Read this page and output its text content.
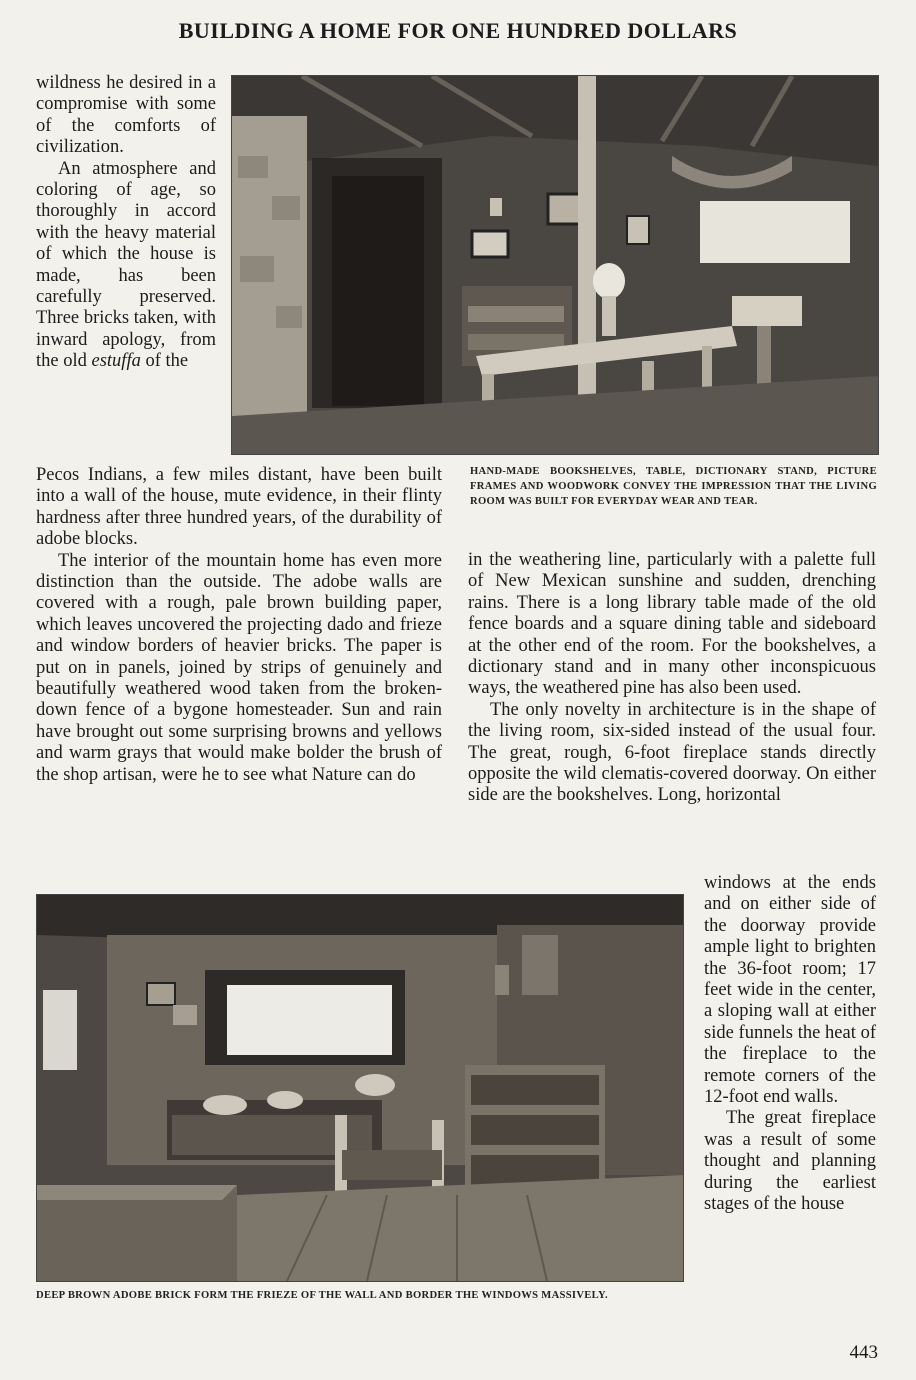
BUILDING A HOME FOR ONE HUNDRED DOLLARS

wildness he desired in a compromise with some of the comforts of civilization.

An atmosphere and coloring of age, so thoroughly in accord with the heavy material of which the house is made, has been carefully preserved. Three bricks taken, with inward apology, from the old estuffa of the

Pecos Indians, a few miles distant, have been built into a wall of the house, mute evidence, in their flinty hardness after three hundred years, of the durability of adobe blocks.

The interior of the mountain home has even more distinction than the outside. The adobe walls are covered with a rough, pale brown building paper, which leaves uncovered the projecting dado and frieze and window borders of heavier bricks. The paper is put on in panels, joined by strips of genuinely and beautifully weathered wood taken from the broken-down fence of a bygone homesteader. Sun and rain have brought out some surprising browns and yellows and warm grays that would make bolder the brush of the shop artisan, were he to see what Nature can do

HAND-MADE BOOKSHELVES, TABLE, DICTIONARY STAND, PICTURE FRAMES AND WOODWORK CONVEY THE IMPRESSION THAT THE LIVING ROOM WAS BUILT FOR EVERYDAY WEAR AND TEAR.

in the weathering line, particularly with a palette full of New Mexican sunshine and sudden, drenching rains. There is a long library table made of the old fence boards and a square dining table and sideboard at the other end of the room. For the bookshelves, a dictionary stand and in many other inconspicuous ways, the weathered pine has also been used.

The only novelty in architecture is in the shape of the living room, six-sided instead of the usual four. The great, rough, 6-foot fireplace stands directly opposite the wild clematis-covered doorway. On either side are the bookshelves. Long, horizontal

windows at the ends and on either side of the doorway provide ample light to brighten the 36-foot room; 17 feet wide in the center, a sloping wall at either side funnels the heat of the fireplace to the remote corners of the 12-foot end walls.

The great fireplace was a result of some thought and planning during the earliest stages of the house

DEEP BROWN ADOBE BRICK FORM THE FRIEZE OF THE WALL AND BORDER THE WINDOWS MASSIVELY.
443
